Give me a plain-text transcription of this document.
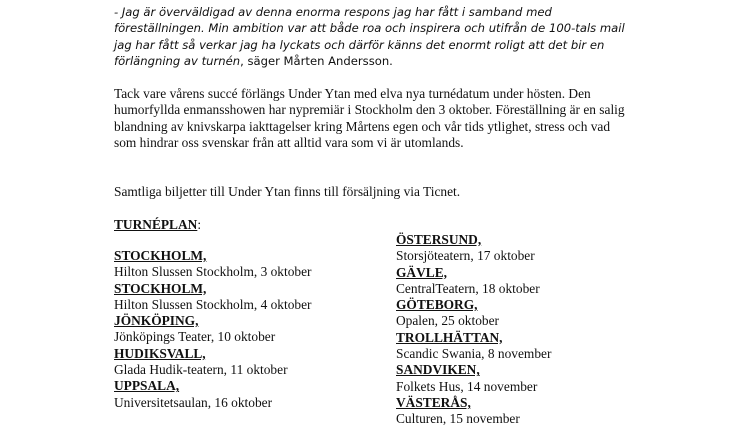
- Jag är överväldigad av denna enorma respons jag har fått i samband med föreställningen. Min ambition var att både roa och inspirera och utifrån de 100-tals mail jag har fått så verkar jag ha lyckats och därför känns det enormt roligt att det bir en förlängning av turnén, säger Mårten Andersson.
Tack vare vårens succé förlängs Under Ytan med elva nya turnédatum under hösten. Den humorfyllda enmansshowen har nypremiär i Stockholm den 3 oktober. Föreställning är en salig blandning av knivskarpa iakttagelser kring Mårtens egen och vår tids ytlighet, stress och vad som hindrar oss svenskar från att alltid vara som vi är utomlands.
Samtliga biljetter till Under Ytan finns till försäljning via Ticnet.
TURNÉPLAN:
STOCKHOLM,
Hilton Slussen Stockholm, 3 oktober
STOCKHOLM,
Hilton Slussen Stockholm, 4 oktober
JÖNKÖPING,
Jönköpings Teater, 10 oktober
HUDIKSVALL,
Glada Hudik-teatern, 11 oktober
UPPSALA,
Universitetsaulan, 16 oktober
ÖSTERSUND,
Storsjöteatern, 17 oktober
GÄVLE,
CentralTeatern, 18 oktober
GÖTEBORG,
Opalen, 25 oktober
TROLLHÄTTAN,
Scandic Swania, 8 november
SANDVIKEN,
Folkets Hus, 14 november
VÄSTERÅS,
Culturen, 15 november
